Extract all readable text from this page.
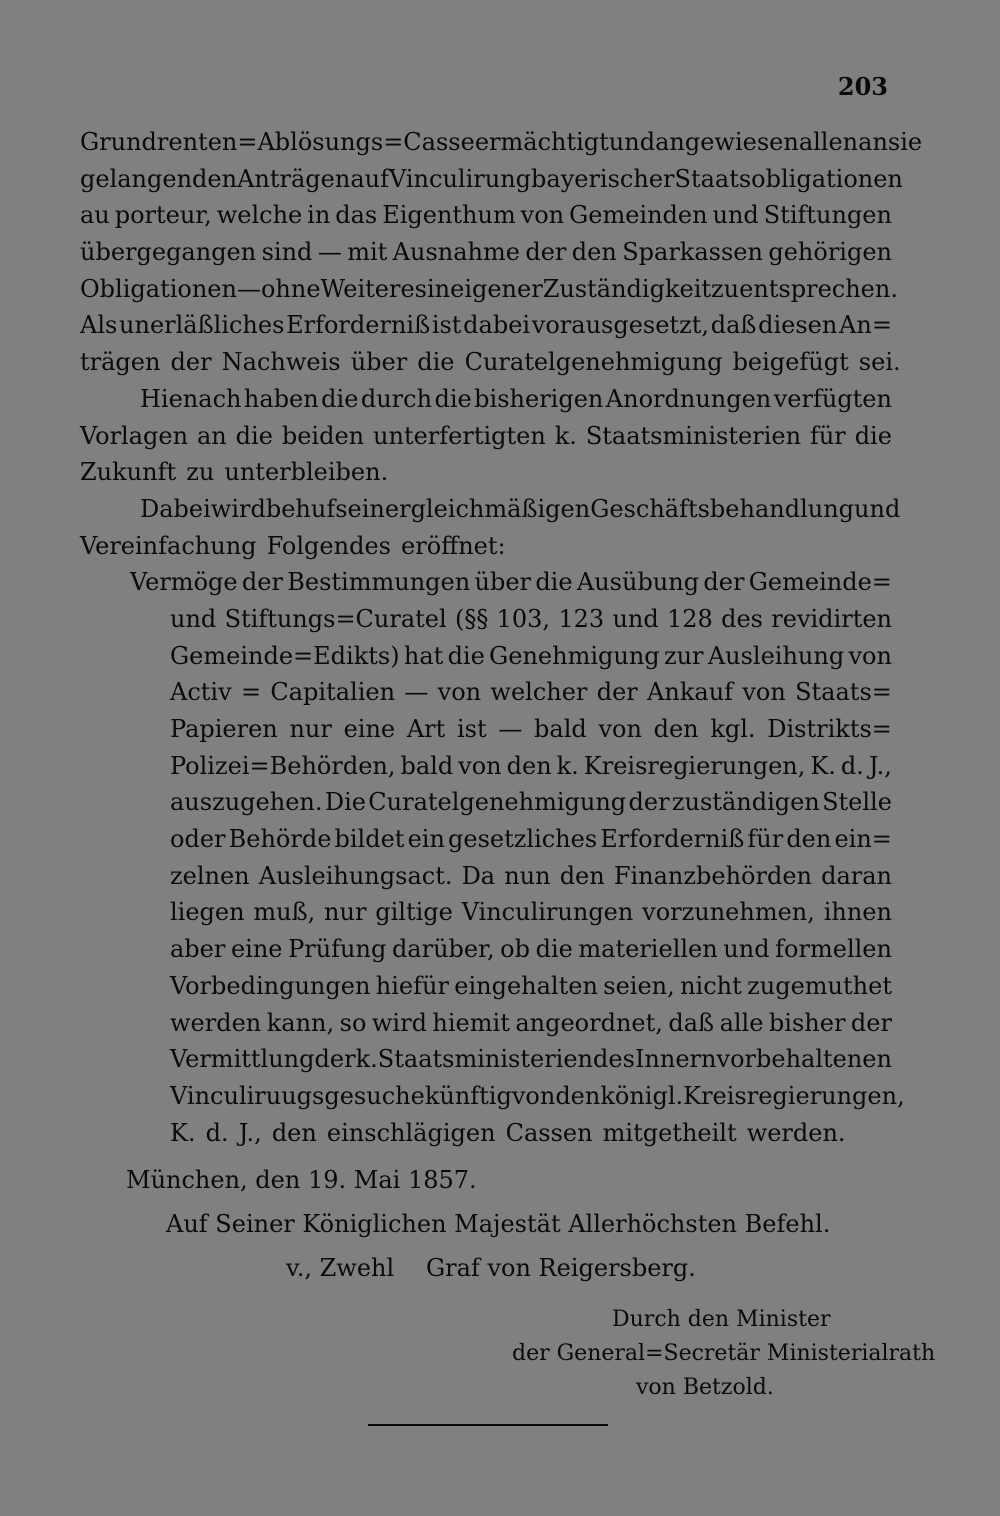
203
Grundrenten=Ablösungs=Casse ermächtigt und angewiesen allen an sie
gelangenden Anträgen auf Vinculirung bayerischer Staatsobligationen
au porteur, welche in das Eigenthum von Gemeinden und Stiftungen
übergegangen sind — mit Ausnahme der den Sparkassen gehörigen
Obligationen — ohne Weiteres in eigener Zuständigkeit zu entsprechen.
Als unerläßliches Erforderniß ist dabei vorausgesetzt, daß diesen An=
trägen der Nachweis über die Curatelgenehmigung beigefügt sei.
Hienach haben die durch die bisherigen Anordnungen verfügten
Vorlagen an die beiden unterfertigten k. Staatsministerien für die
Zukunft zu unterbleiben.
Dabei wird behufs einer gleichmäßigen Geschäftsbehandlung und
Vereinfachung Folgendes eröffnet:
Vermöge der Bestimmungen über die Ausübung der Gemeinde=
und Stiftungs=Curatel (§§ 103, 123 und 128 des revidirten
Gemeinde=Edikts) hat die Genehmigung zur Ausleihung von
Activ = Capitalien — von welcher der Ankauf von Staats=
Papieren nur eine Art ist — bald von den kgl. Distrikts=
Polizei=Behörden, bald von den k. Kreisregierungen, K. d. J.,
auszugehen. Die Curatelgenehmigung der zuständigen Stelle
oder Behörde bildet ein gesetzliches Erforderniß für den ein=
zelnen Ausleihungsact. Da nun den Finanzbehörden daran
liegen muß, nur giltige Vinculirungen vorzunehmen, ihnen
aber eine Prüfung darüber, ob die materiellen und formellen
Vorbedingungen hiefür eingehalten seien, nicht zugemuthet
werden kann, so wird hiemit angeordnet, daß alle bisher der
Vermittlung der k. Staatsministerien des Innern vorbehaltenen
Vinculiruugsgesuche künftig von den königl. Kreisregierungen,
K. d. J., den einschlägigen Cassen mitgetheilt werden.
München, den 19. Mai 1857.
Auf Seiner Königlichen Majestät Allerhöchsten Befehl.
v., Zwehl Graf von Reigersberg.
Durch den Minister
der General=Secretär Ministerialrath
von Betzold.
